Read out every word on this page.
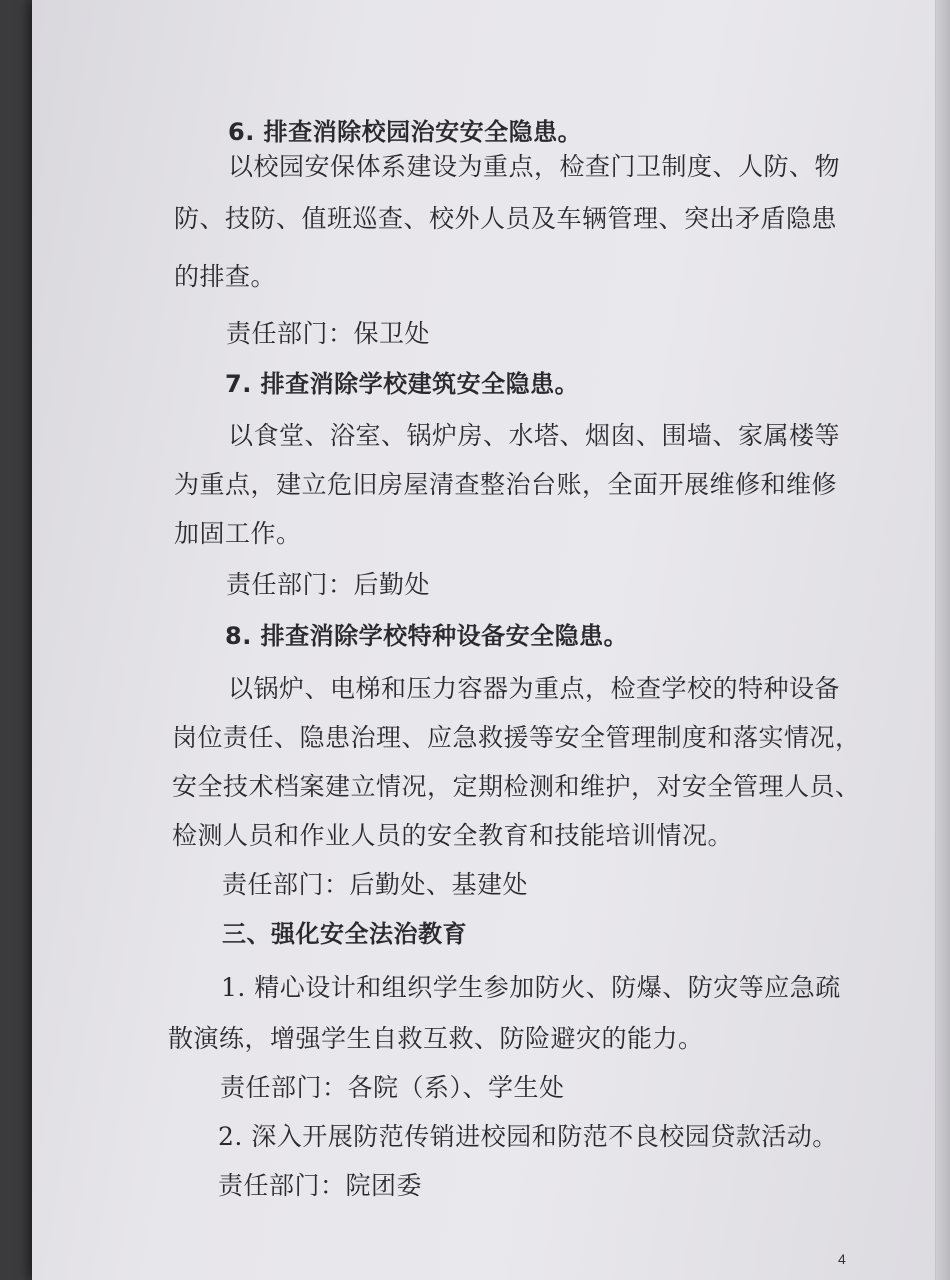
6. 排查消除校园治安安全隐患。
以校园安保体系建设为重点，检查门卫制度、人防、物
防、技防、值班巡查、校外人员及车辆管理、突出矛盾隐患
的排查。
责任部门：保卫处
7. 排查消除学校建筑安全隐患。
以食堂、浴室、锅炉房、水塔、烟囱、围墙、家属楼等
为重点，建立危旧房屋清查整治台账，全面开展维修和维修
加固工作。
责任部门：后勤处
8. 排查消除学校特种设备安全隐患。
以锅炉、电梯和压力容器为重点，检查学校的特种设备
岗位责任、隐患治理、应急救援等安全管理制度和落实情况，
安全技术档案建立情况，定期检测和维护，对安全管理人员、
检测人员和作业人员的安全教育和技能培训情况。
责任部门：后勤处、基建处
三、强化安全法治教育
1. 精心设计和组织学生参加防火、防爆、防灾等应急疏
散演练，增强学生自救互救、防险避灾的能力。
责任部门：各院（系）、学生处
2. 深入开展防范传销进校园和防范不良校园贷款活动。
责任部门：院团委
4
